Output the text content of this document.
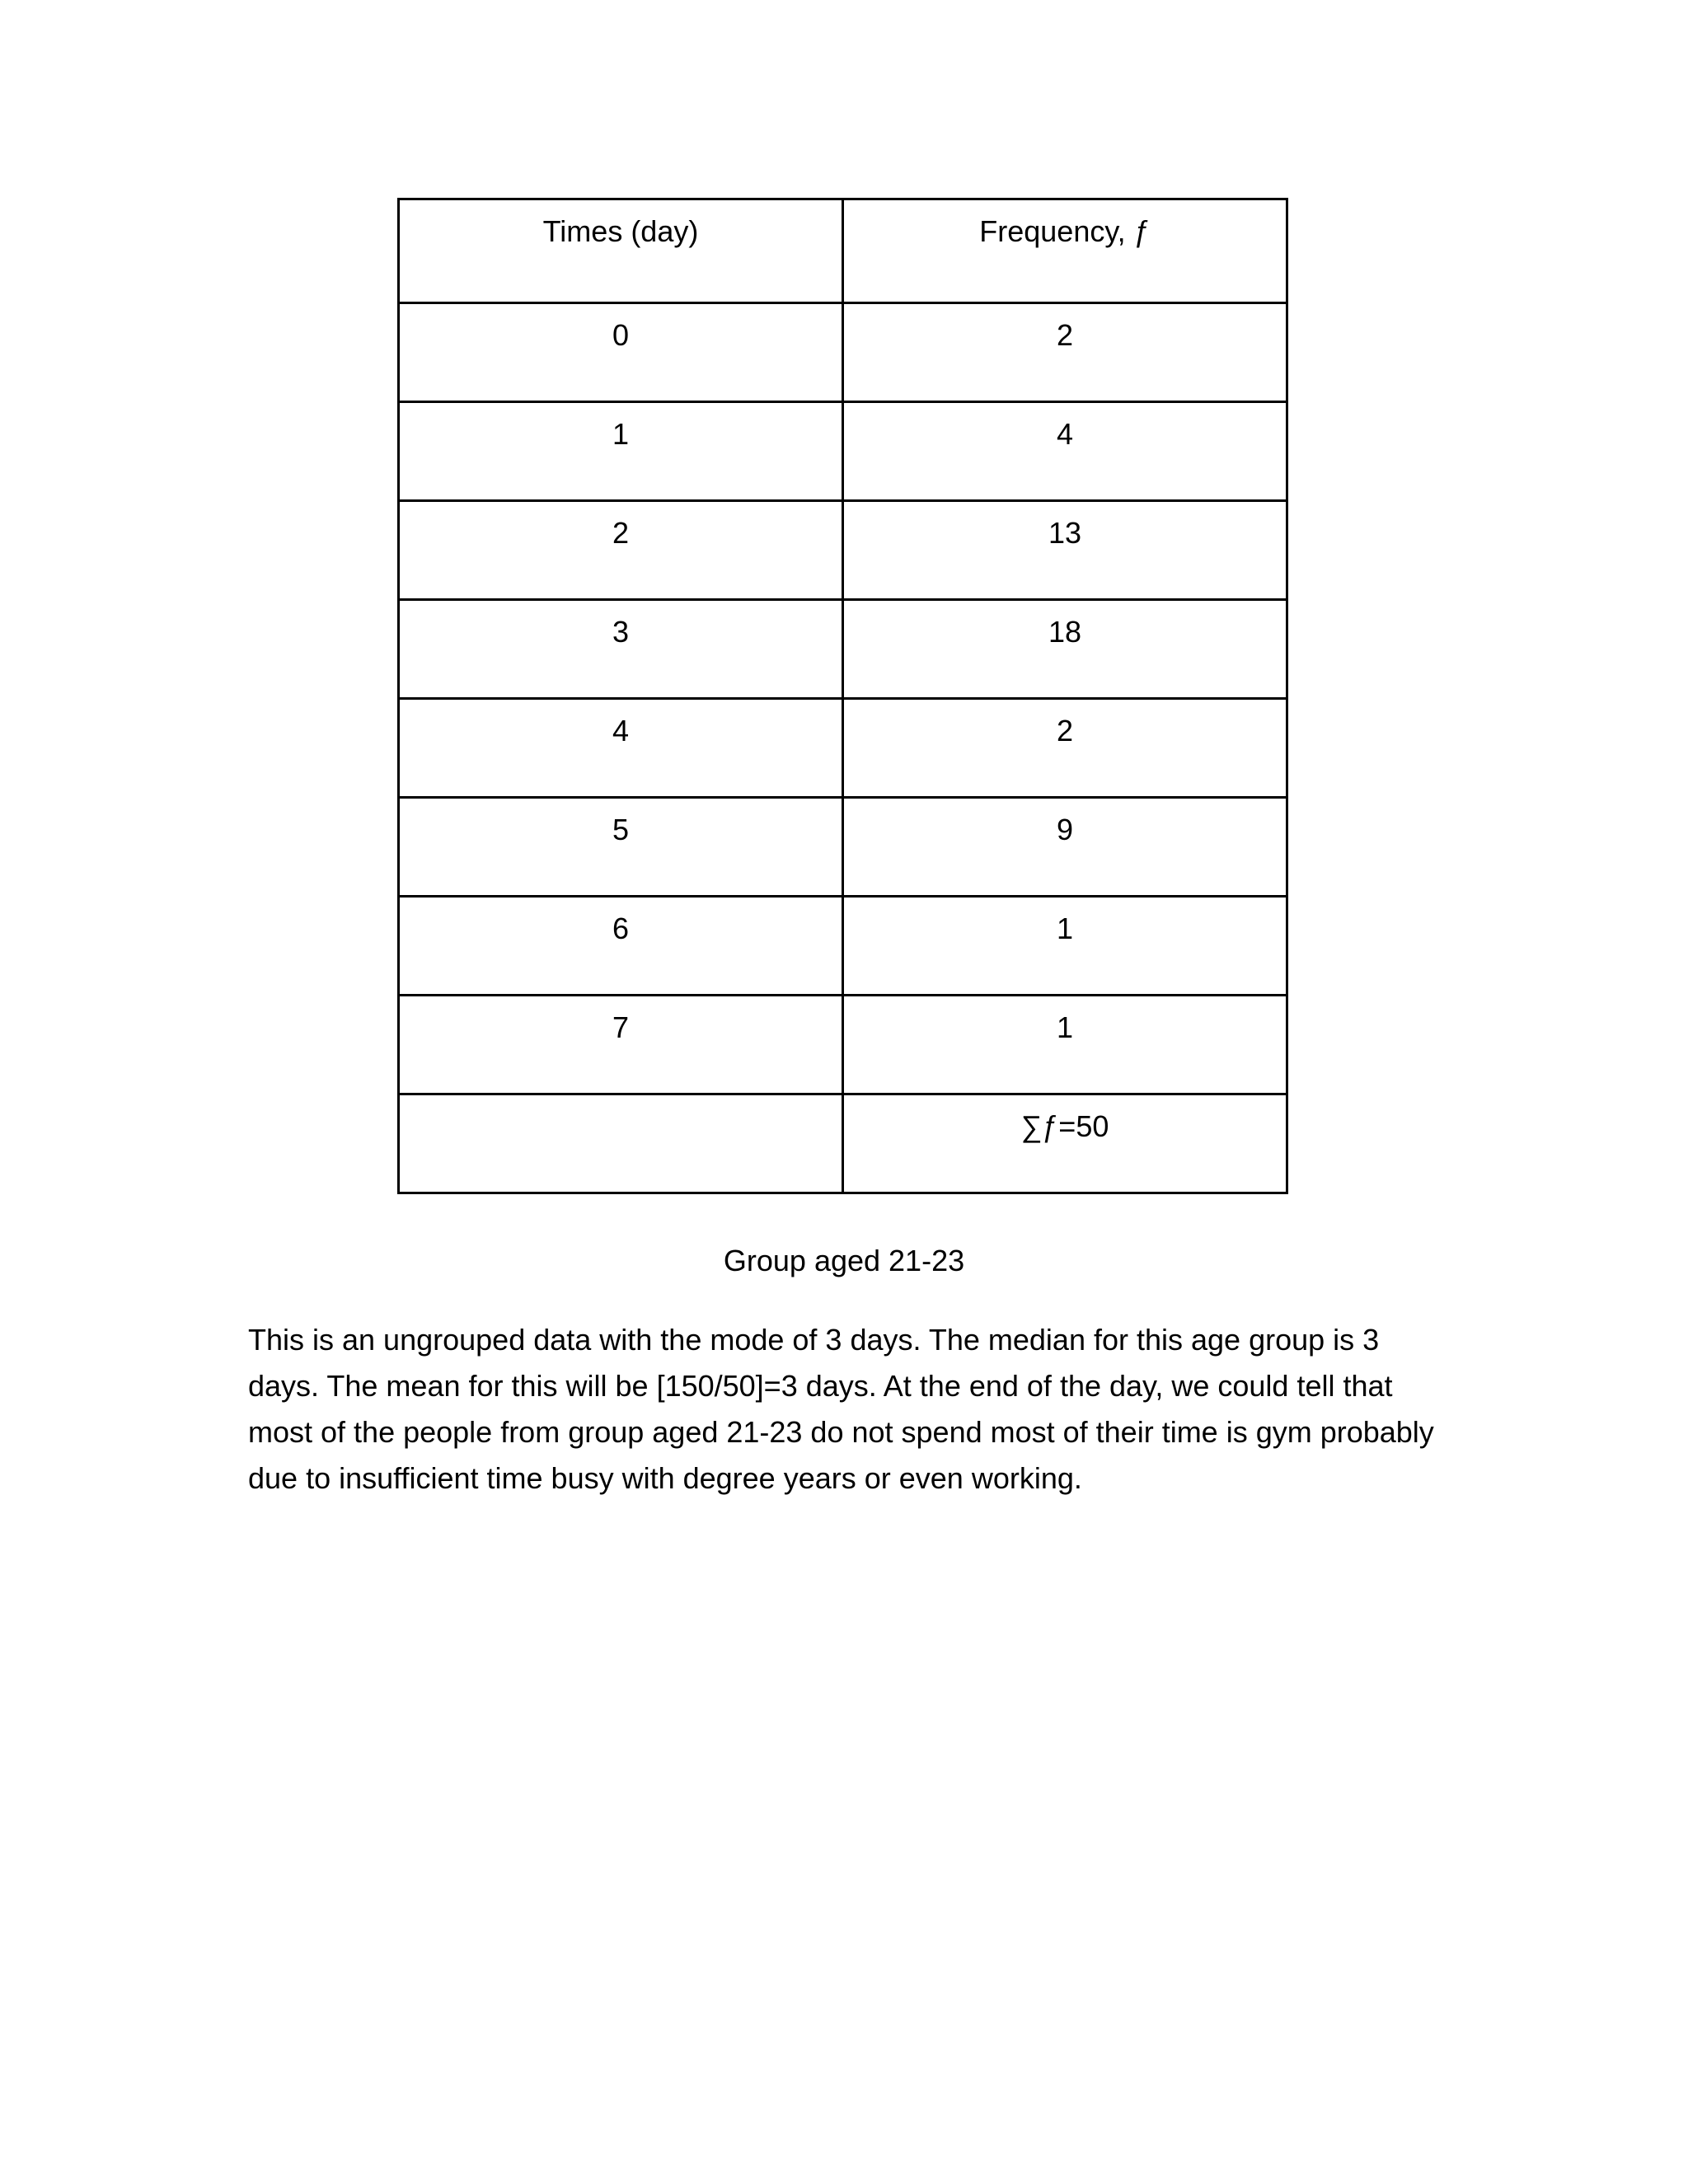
Times (day)	Frequency, ƒ

0	2

1	4

2	13

3	18

4	2

5	9

6	1

7	1

	∑ƒ=50
Group aged 21-23

This is an ungrouped data with the mode of 3 days. The median for this age group is 3 days. The mean for this will be [150/50]=3 days. At the end of the day, we could tell that most of the people from group aged 21-23 do not spend most of their time is gym probably due to insufficient time busy with degree years or even working.
